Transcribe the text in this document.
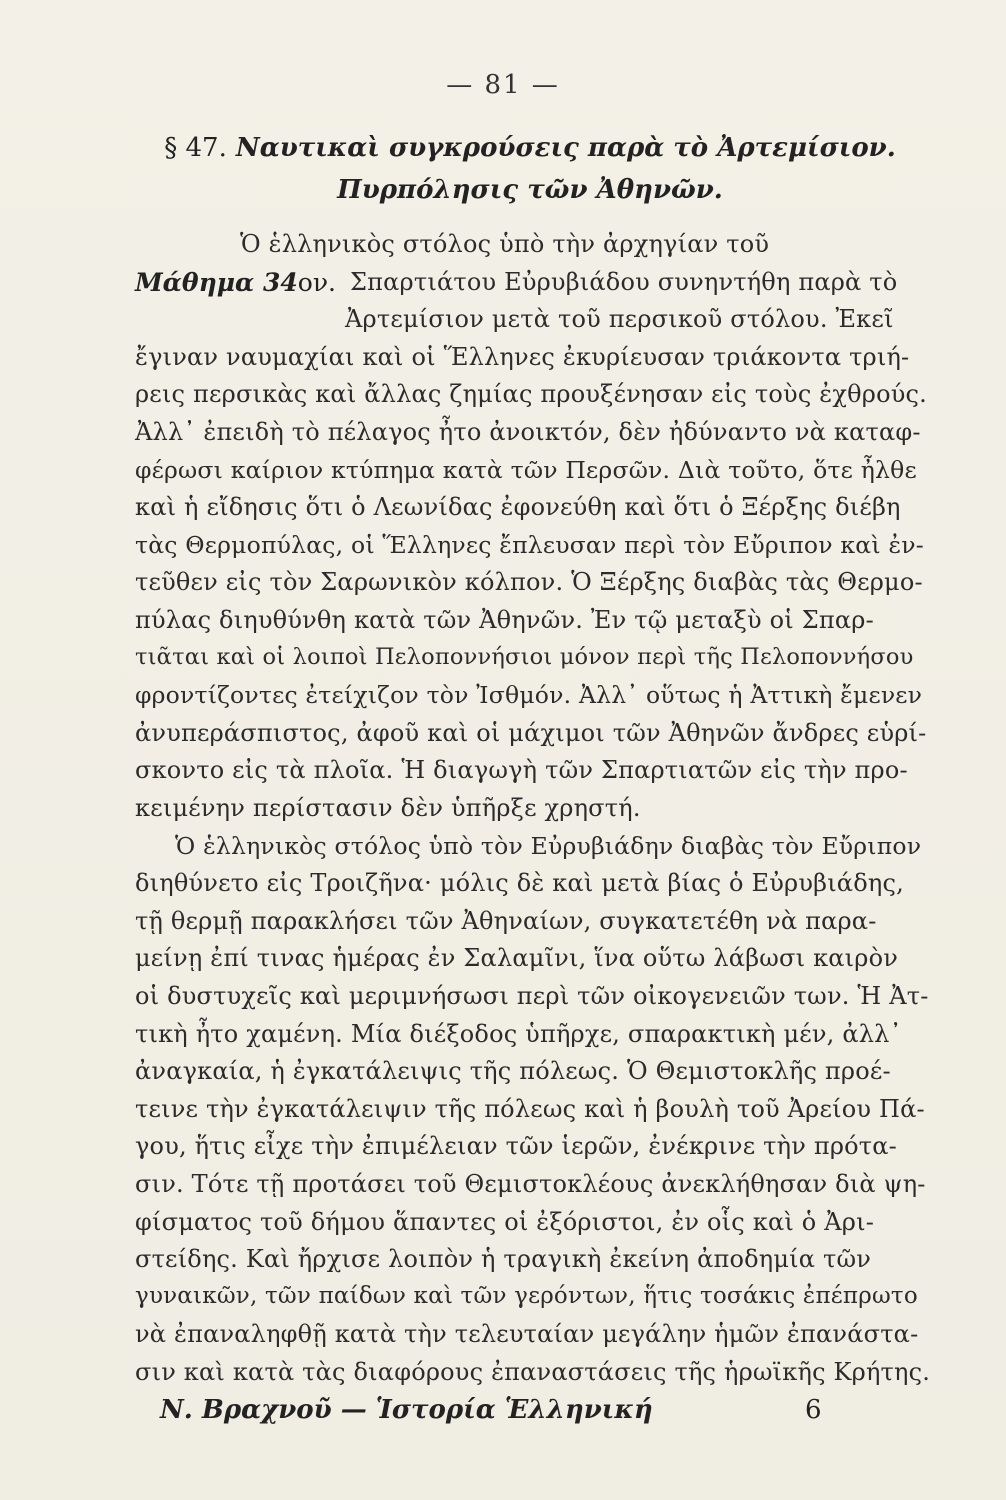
— 81 —
§ 47. Ναυτικαὶ συγκρούσεις παρὰ τὸ Ἀρτεμίσιον.
Πυρπόλησις τῶν Ἀθηνῶν.
Μάθημα 34ον.
Ὁ ἑλληνικὸς στόλος ὑπὸ τὴν ἀρχηγίαν τοῦ
Σπαρτιάτου Εὐρυβιάδου συνηντήθη παρὰ τὸ
Ἀρτεμίσιον μετὰ τοῦ περσικοῦ στόλου. Ἐκεῖ
ἔγιναν ναυμαχίαι καὶ οἱ Ἕλληνες ἐκυρίευσαν τριάκοντα τριή-
ρεις περσικὰς καὶ ἄλλας ζημίας προυξένησαν εἰς τοὺς ἐχθρούς.
Ἀλλ᾽ ἐπειδὴ τὸ πέλαγος ἦτο ἀνοικτόν, δὲν ἠδύναντο νὰ καταφ-
φέρωσι καίριον κτύπημα κατὰ τῶν Περσῶν. Διὰ τοῦτο, ὅτε ἦλθε
καὶ ἡ εἴδησις ὅτι ὁ Λεωνίδας ἐφονεύθη καὶ ὅτι ὁ Ξέρξης διέβη
τὰς Θερμοπύλας, οἱ Ἕλληνες ἔπλευσαν περὶ τὸν Εὔριπον καὶ ἐν-
τεῦθεν εἰς τὸν Σαρωνικὸν κόλπον. Ὁ Ξέρξης διαβὰς τὰς Θερμο-
πύλας διηυθύνθη κατὰ τῶν Ἀθηνῶν. Ἐν τῷ μεταξὺ οἱ Σπαρ-
τιᾶται καὶ οἱ λοιποὶ Πελοποννήσιοι μόνον περὶ τῆς Πελοποννήσου
φροντίζοντες ἐτείχιζον τὸν Ἰσθμόν. Ἀλλ᾽ οὕτως ἡ Ἀττικὴ ἔμενεν
ἀνυπεράσπιστος, ἀφοῦ καὶ οἱ μάχιμοι τῶν Ἀθηνῶν ἄνδρες εὑρί-
σκοντο εἰς τὰ πλοῖα. Ἡ διαγωγὴ τῶν Σπαρτιατῶν εἰς τὴν προ-
κειμένην περίστασιν δὲν ὑπῆρξε χρηστή.
Ὁ ἑλληνικὸς στόλος ὑπὸ τὸν Εὐρυβιάδην διαβὰς τὸν Εὔριπον
διηθύνετο εἰς Τροιζῆνα· μόλις δὲ καὶ μετὰ βίας ὁ Εὐρυβιάδης,
τῇ θερμῇ παρακλήσει τῶν Ἀθηναίων, συγκατετέθη νὰ παρα-
μείνῃ ἐπί τινας ἡμέρας ἐν Σαλαμῖνι, ἵνα οὕτω λάβωσι καιρὸν
οἱ δυστυχεῖς καὶ μεριμνήσωσι περὶ τῶν οἰκογενειῶν των. Ἡ Ἀτ-
τικὴ ἦτο χαμένη. Μία διέξοδος ὑπῆρχε, σπαρακτικὴ μέν, ἀλλ᾽
ἀναγκαία, ἡ ἐγκατάλειψις τῆς πόλεως. Ὁ Θεμιστοκλῆς προέ-
τεινε τὴν ἐγκατάλειψιν τῆς πόλεως καὶ ἡ βουλὴ τοῦ Ἀρείου Πά-
γου, ἥτις εἶχε τὴν ἐπιμέλειαν τῶν ἱερῶν, ἐνέκρινε τὴν πρότα-
σιν. Τότε τῇ προτάσει τοῦ Θεμιστοκλέους ἀνεκλήθησαν διὰ ψη-
φίσματος τοῦ δήμου ἅπαντες οἱ ἐξόριστοι, ἐν οἷς καὶ ὁ Ἀρι-
στείδης. Καὶ ἤρχισε λοιπὸν ἡ τραγικὴ ἐκείνη ἀποδημία τῶν
γυναικῶν, τῶν παίδων καὶ τῶν γερόντων, ἥτις τοσάκις ἐπέπρωτο
νὰ ἐπαναληφθῇ κατὰ τὴν τελευταίαν μεγάλην ἡμῶν ἐπανάστα-
σιν καὶ κατὰ τὰς διαφόρους ἐπαναστάσεις τῆς ἡρωϊκῆς Κρήτης.
Ν. Βραχνοῦ — Ἱστορία Ἑλληνική	6
